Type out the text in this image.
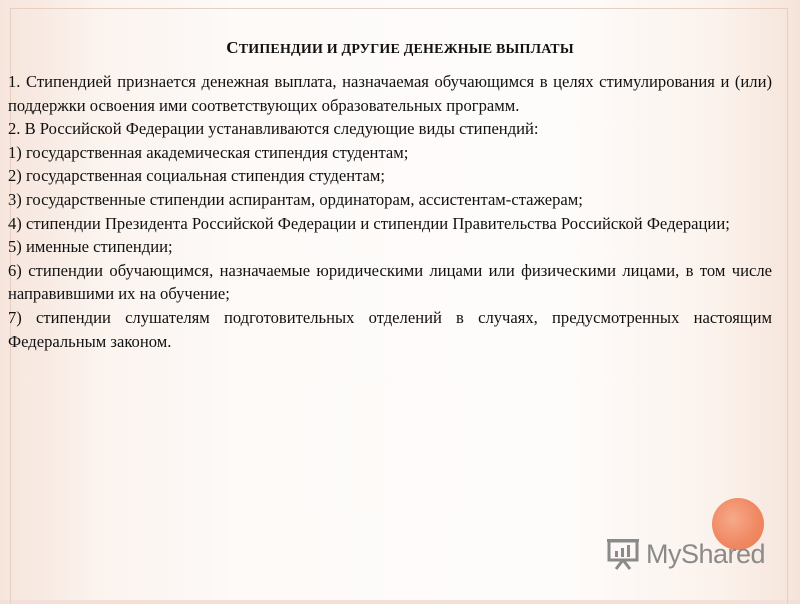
СТИПЕНДИИ И ДРУГИЕ ДЕНЕЖНЫЕ ВЫПЛАТЫ

1. Стипендией признается денежная выплата, назначаемая обучающимся в целях стимулирования и (или) поддержки освоения ими соответствующих образовательных программ.

2. В Российской Федерации устанавливаются следующие виды стипендий:

1) государственная академическая стипендия студентам;

2) государственная социальная стипендия студентам;

3) государственные стипендии аспирантам, ординаторам, ассистентам-стажерам;

4) стипендии Президента Российской Федерации и стипендии Правительства Российской Федерации;

5) именные стипендии;

6) стипендии обучающимся, назначаемые юридическими лицами или физическими лицами, в том числе направившими их на обучение;

7) стипендии слушателям подготовительных отделений в случаях, предусмотренных настоящим Федеральным законом.

MyShared
